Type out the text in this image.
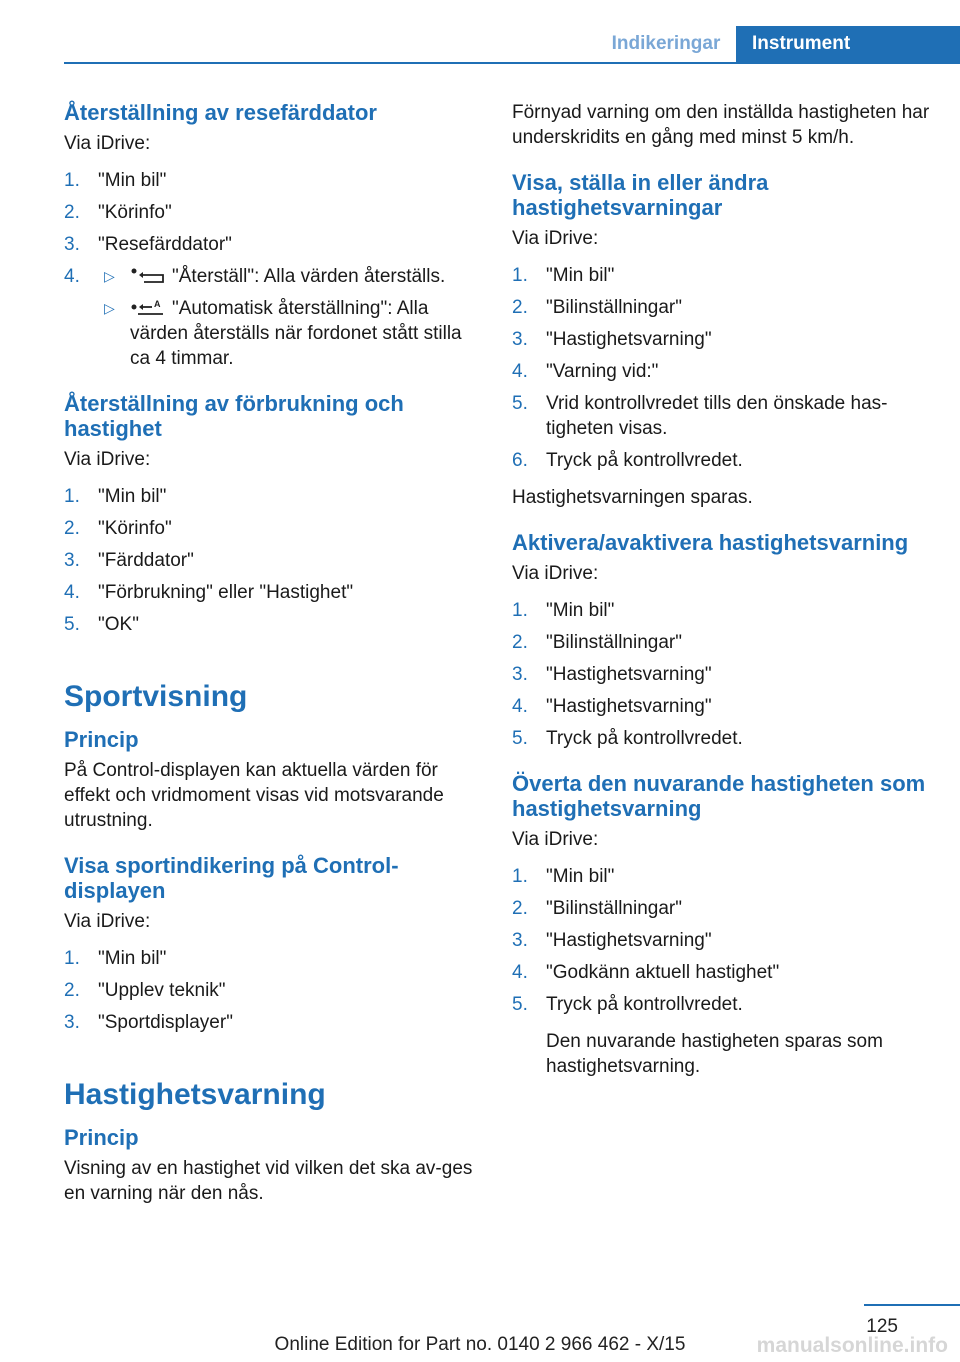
Indikeringar	Instrument
Återställning av resefärddator

Via iDrive:

1. "Min bil"
2. "Körinfo"
3. "Resefärddator"
4.	▷	"Återställ": Alla värden återställs.
▷	A "Automatisk återställning": Alla värden återställs när fordonet stått stilla ca 4 timmar.
Återställning av förbrukning och hastighet

Via iDrive:

1. "Min bil"
2. "Körinfo"
3. "Färddator"
4. "Förbrukning" eller "Hastighet"
5. "OK"
Sportvisning
Princip

På Control-displayen kan aktuella värden för effekt och vridmoment visas vid motsvarande utrustning.

Visa sportindikering på Control-displayen

Via iDrive:

1. "Min bil"
2. "Upplev teknik"
3. "Sportdisplayer"
Hastighetsvarning
Princip

Visning av en hastighet vid vilken det ska av-ges en varning när den nås.

Förnyad varning om den inställda hastigheten har underskridits en gång med minst 5 km/h.

Visa, ställa in eller ändra hastighetsvarningar

Via iDrive:

1. "Min bil"
2. "Bilinställningar"
3. "Hastighetsvarning"
4. "Varning vid:"
5. Vrid kontrollvredet tills den önskade has-tigheten visas.
6. Tryck på kontrollvredet.

Hastighetsvarningen sparas.

Aktivera/avaktivera hastighetsvarning

Via iDrive:

1. "Min bil"
2. "Bilinställningar"
3. "Hastighetsvarning"
4. "Hastighetsvarning"
5. Tryck på kontrollvredet.
Överta den nuvarande hastigheten som hastighetsvarning

Via iDrive:

1. "Min bil"
2. "Bilinställningar"
3. "Hastighetsvarning"
4. "Godkänn aktuell hastighet"
5. Tryck på kontrollvredet.

Den nuvarande hastigheten sparas som hastighetsvarning.

125
Online Edition for Part no. 0140 2 966 462 - X/15	manualsonline.info
